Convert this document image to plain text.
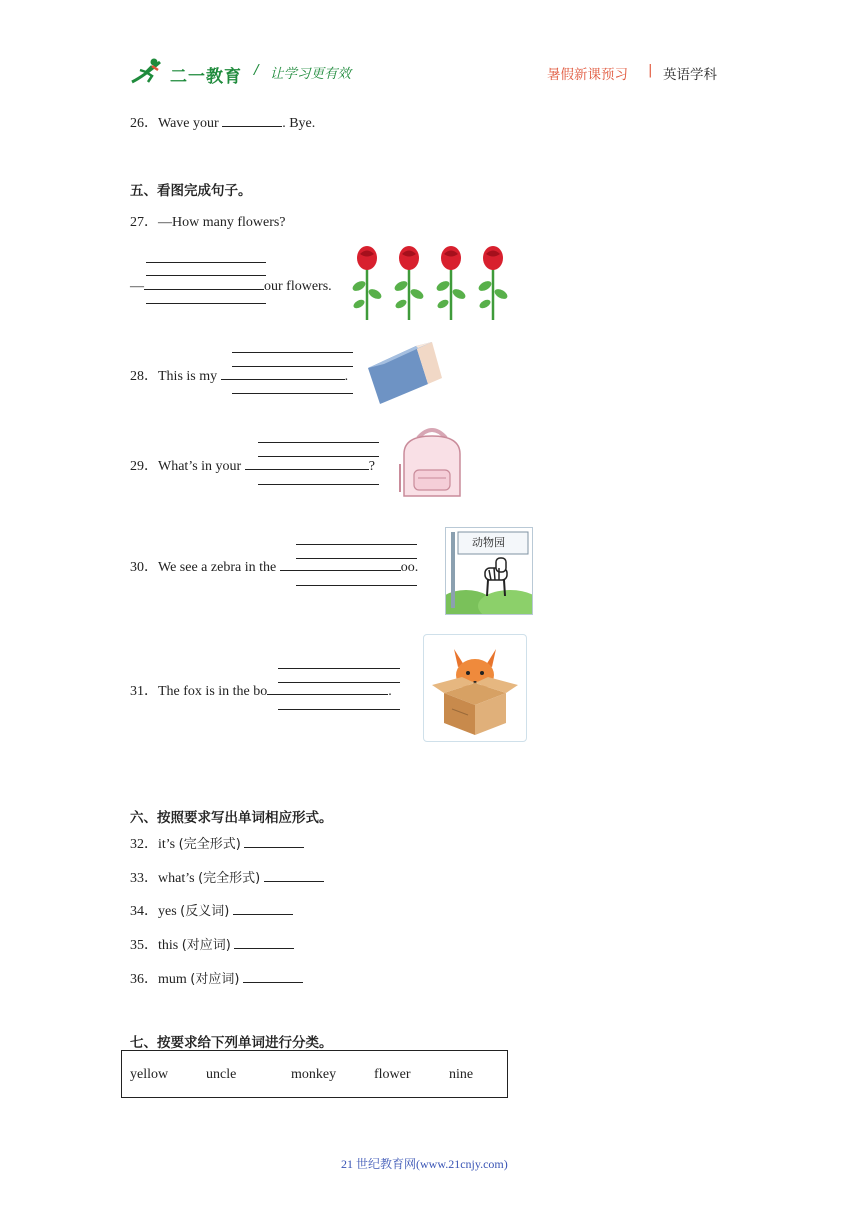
二一教育 / 让学习更有效	暑假新课预习 | 英语学科
26．Wave your	. Bye.
五、看图完成句子。
27．—How many flowers?
—	our flowers.
28．This is my	.
29．What’s in your	?
30．We see a zebra in the	oo.
动物园
31．The fox is in the bo	.
六、按照要求写出单词相应形式。
32．it’s (完全形式)
33．what’s (完全形式)
34．yes (反义词)
35．this (对应词)
36．mum (对应词)
七、按要求给下列单词进行分类。
yellow	uncle	monkey	flower	nine
21 世纪教育网(www.21cnjy.com)
